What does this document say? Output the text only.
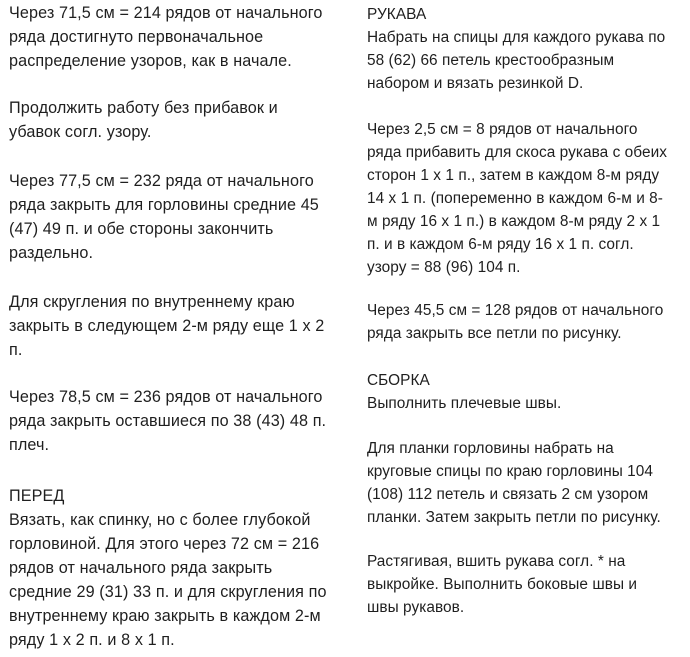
Через 71,5 см = 214 рядов от начального
ряда достигнуто первоначальное
распределение узоров, как в начале.

Продолжить работу без прибавок и
убавок согл. узору.

Через 77,5 см = 232 ряда от начального
ряда закрыть для горловины средние 45
(47) 49 п. и обе стороны закончить
раздельно.

Для скругления по внутреннему краю
закрыть в следующем 2-м ряду еще 1 х 2
п.

Через 78,5 см = 236 рядов от начального
ряда закрыть оставшиеся по 38 (43) 48 п.
плеч.

ПЕРЕД

Вязать, как спинку, но с более глубокой
горловиной. Для этого через 72 см = 216
рядов от начального ряда закрыть
средние 29 (31) 33 п. и для скругления по
внутреннему краю закрыть в каждом 2-м
ряду 1 х 2 п. и 8 х 1 п.

РУКАВА

Набрать на спицы для каждого рукава по
58 (62) 66 петель крестообразным
набором и вязать резинкой D.

Через 2,5 см = 8 рядов от начального
ряда прибавить для скоса рукава с обеих
сторон 1 х 1 п., затем в каждом 8-м ряду
14 х 1 п. (попеременно в каждом 6-м и 8-
м ряду 16 х 1 п.) в каждом 8-м ряду 2 х 1
п. и в каждом 6-м ряду 16 х 1 п. согл.
узору = 88 (96) 104 п.

Через 45,5 см = 128 рядов от начального
ряда закрыть все петли по рисунку.

СБОРКА

Выполнить плечевые швы.

Для планки горловины набрать на
круговые спицы по краю горловины 104
(108) 112 петель и связать 2 см узором
планки. Затем закрыть петли по рисунку.

Растягивая, вшить рукава согл. * на
выкройке. Выполнить боковые швы и
швы рукавов.
